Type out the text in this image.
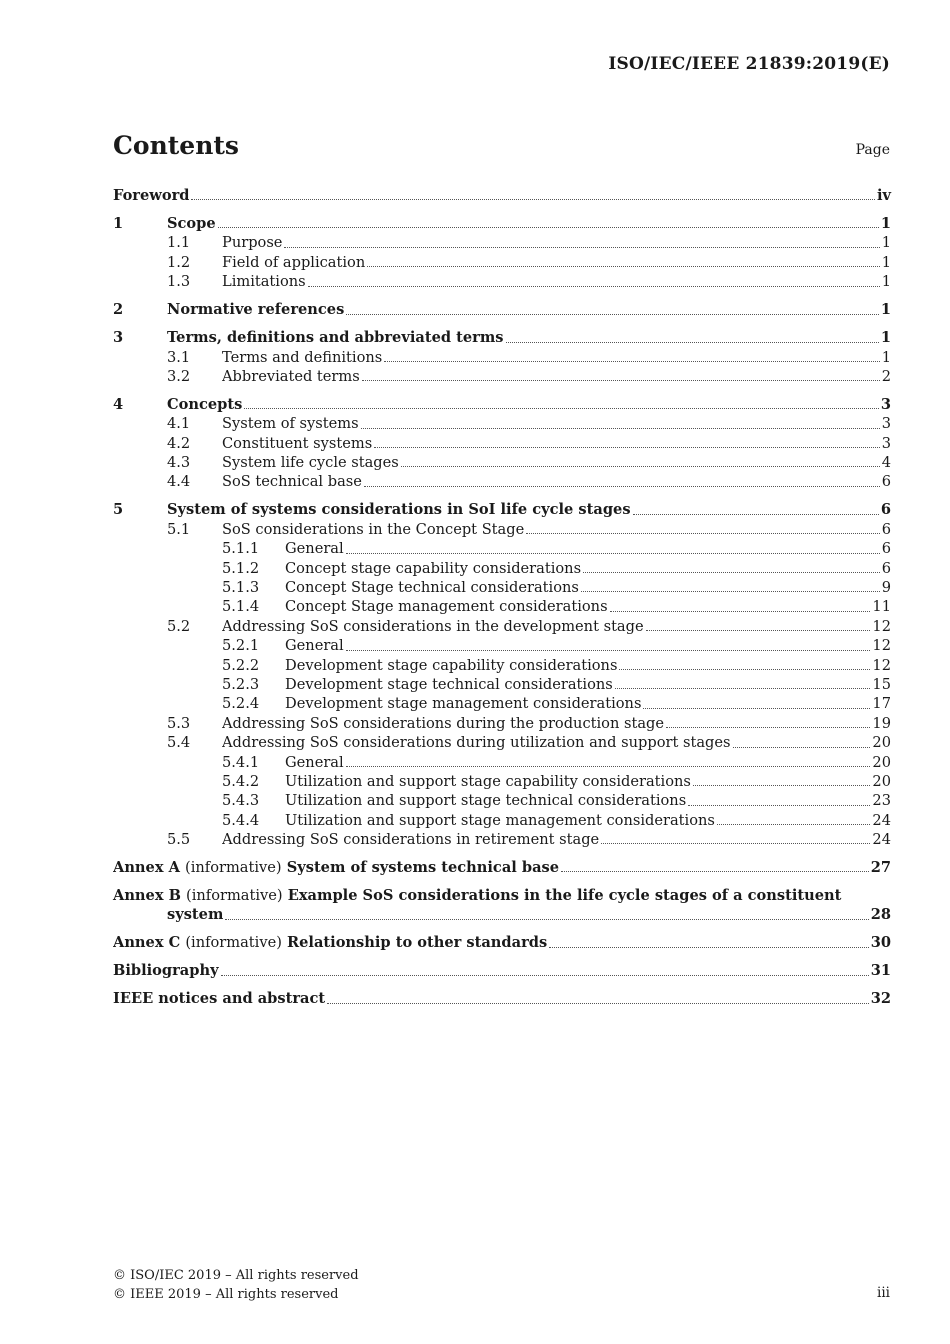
ISO/IEC/IEEE 21839:2019(E)
Contents	Page
Foreword	iv
1	Scope	1
1.1	Purpose	1
1.2	Field of application	1
1.3	Limitations	1
2	Normative references	1
3	Terms, definitions and abbreviated terms	1
3.1	Terms and definitions	1
3.2	Abbreviated terms	2
4	Concepts	3
4.1	System of systems	3
4.2	Constituent systems	3
4.3	System life cycle stages	4
4.4	SoS technical base	6
5	System of systems considerations in SoI life cycle stages	6
5.1	SoS considerations in the Concept Stage	6
5.1.1	General	6
5.1.2	Concept stage capability considerations	6
5.1.3	Concept Stage technical considerations	9
5.1.4	Concept Stage management considerations	11
5.2	Addressing SoS considerations in the development stage	12
5.2.1	General	12
5.2.2	Development stage capability considerations	12
5.2.3	Development stage technical considerations	15
5.2.4	Development stage management considerations	17
5.3	Addressing SoS considerations during the production stage	19
5.4	Addressing SoS considerations during utilization and support stages	20
5.4.1	General	20
5.4.2	Utilization and support stage capability considerations	20
5.4.3	Utilization and support stage technical considerations	23
5.4.4	Utilization and support stage management considerations	24
5.5	Addressing SoS considerations in retirement stage	24
Annex A (informative) System of systems technical base	27
Annex B (informative) Example SoS considerations in the life cycle stages of a constituent
system	28
Annex C (informative) Relationship to other standards	30
Bibliography	31
IEEE notices and abstract	32
© ISO/IEC 2019 – All rights reserved
© IEEE 2019 – All rights reserved	iii
